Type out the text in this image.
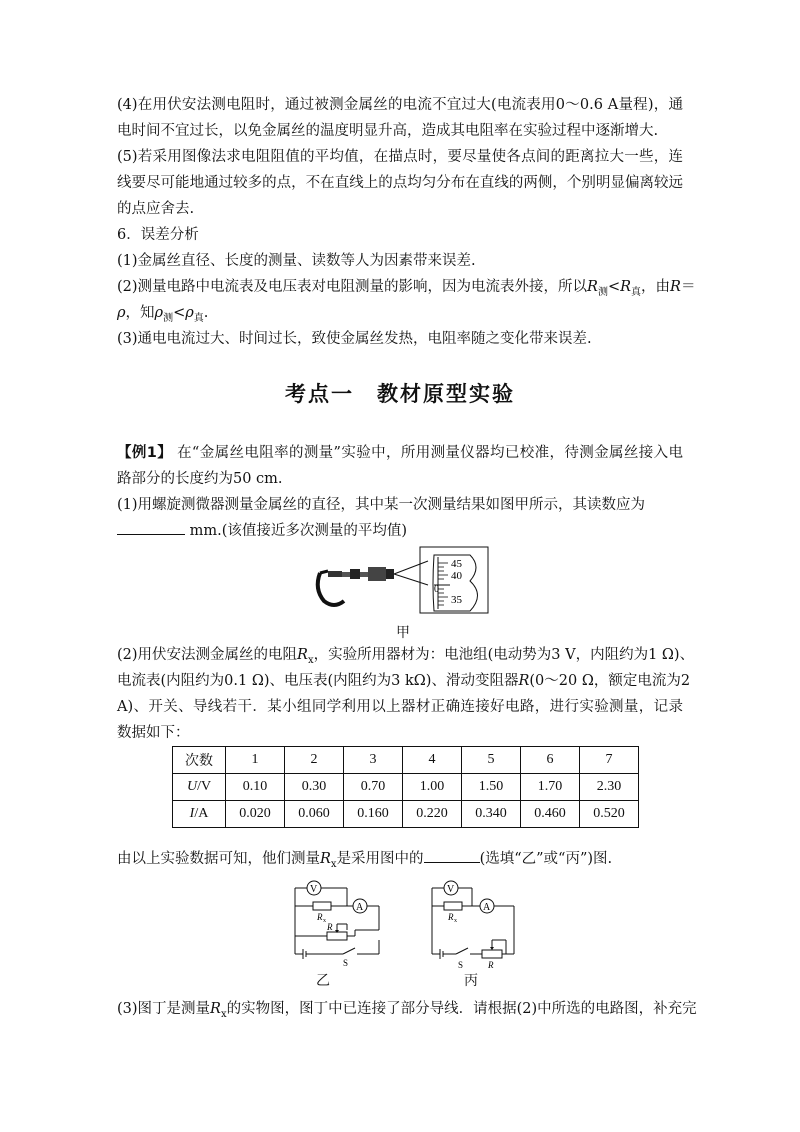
(4)在用伏安法测电阻时，通过被测金属丝的电流不宜过大(电流表用0～0.6 A量程)，通电时间不宜过长，以免金属丝的温度明显升高，造成其电阻率在实验过程中逐渐增大.

(5)若采用图像法求电阻阻值的平均值，在描点时，要尽量使各点间的距离拉大一些，连线要尽可能地通过较多的点，不在直线上的点均匀分布在直线的两侧，个别明显偏离较远的点应舍去.

6．误差分析

(1)金属丝直径、长度的测量、读数等人为因素带来误差.

(2)测量电路中电流表及电压表对电阻测量的影响，因为电流表外接，所以$R_测<R_真$，由R＝

ρ，知$\rho_测<\rho_真$.

(3)通电电流过大、时间过长，致使金属丝发热，电阻率随之变化带来误差.

考点一　教材原型实验

【例1】 在“金属丝电阻率的测量”实验中，所用测量仪器均已校准，待测金属丝接入电路部分的长度约为50 cm.

(1)用螺旋测微器测量金属丝的直径，其中某一次测量结果如图甲所示，其读数应为
mm.(该值接近多次测量的平均值)

45
40
35
0
甲

(2)用伏安法测金属丝的电阻$R_x$，实验所用器材为：电池组(电动势为3 V，内阻约为1 Ω)、

电流表(内阻约为0.1 Ω)、电压表(内阻约为3 kΩ)、滑动变阻器R(0～20 Ω，额定电流为2

A)、开关、导线若干．某小组同学利用以上器材正确连接好电路，进行实验测量，记录数据如下：

次数	1	2	3	4	5	6	7
U/V	0.10	0.30	0.70	1.00	1.50	1.70	2.30
I/A	0.020	0.060	0.160	0.220	0.340	0.460	0.520

由以上实验数据可知，他们测量$R_x$是采用图中的	(选填“乙”或“丙”)图.

V
A
R x
R
S
乙
V
A
R x
R
S
丙

(3)图丁是测量$R_x$的实物图，图丁中已连接了部分导线．请根据(2)中所选的电路图，补充完
